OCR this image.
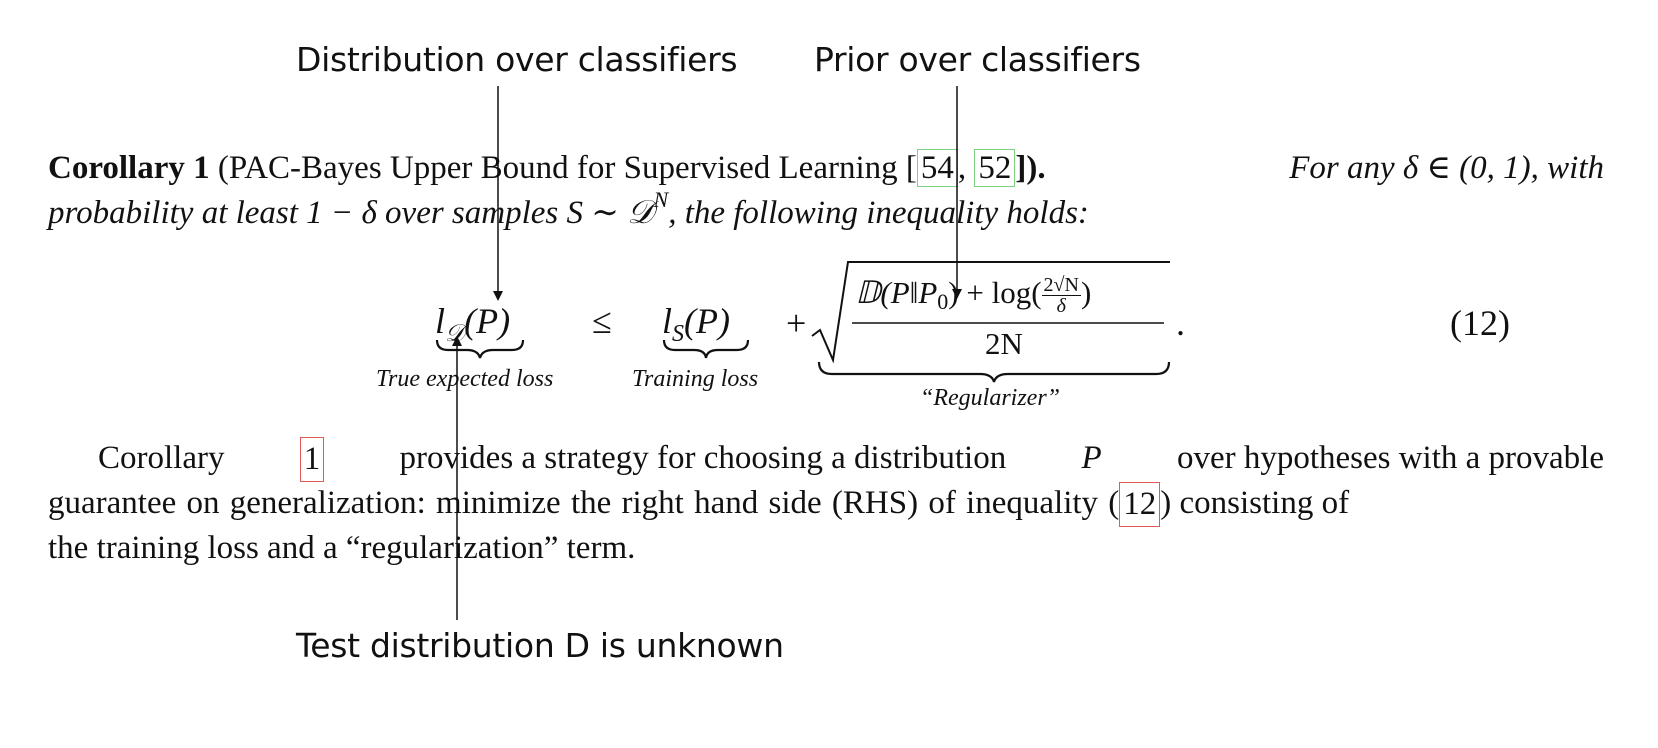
Distribution over classifiers Prior over classifiers
Test distribution D is unknown
Corollary 1 (PAC-Bayes Upper Bound for Supervised Learning [ 54 , 52 ]).	For any δ ∈ (0, 1), with
probability at least 1 − δ over samples S ∼ 𝒟 N , the following inequality holds:
$l_𝒟(P) \le l_S(P)$ +
𝔻(P‖P0) + $\log( \frac{2√N}{\delta}$ )
2N
.	(12)
True expected loss	Training loss
“Regularizer”
Corollary 1 provides a strategy for choosing a distribution P over hypotheses with a provable
guarantee on generalization: minimize the right hand side (RHS) of inequality ( 12 ) consisting of
the training loss and a “regularization” term.
